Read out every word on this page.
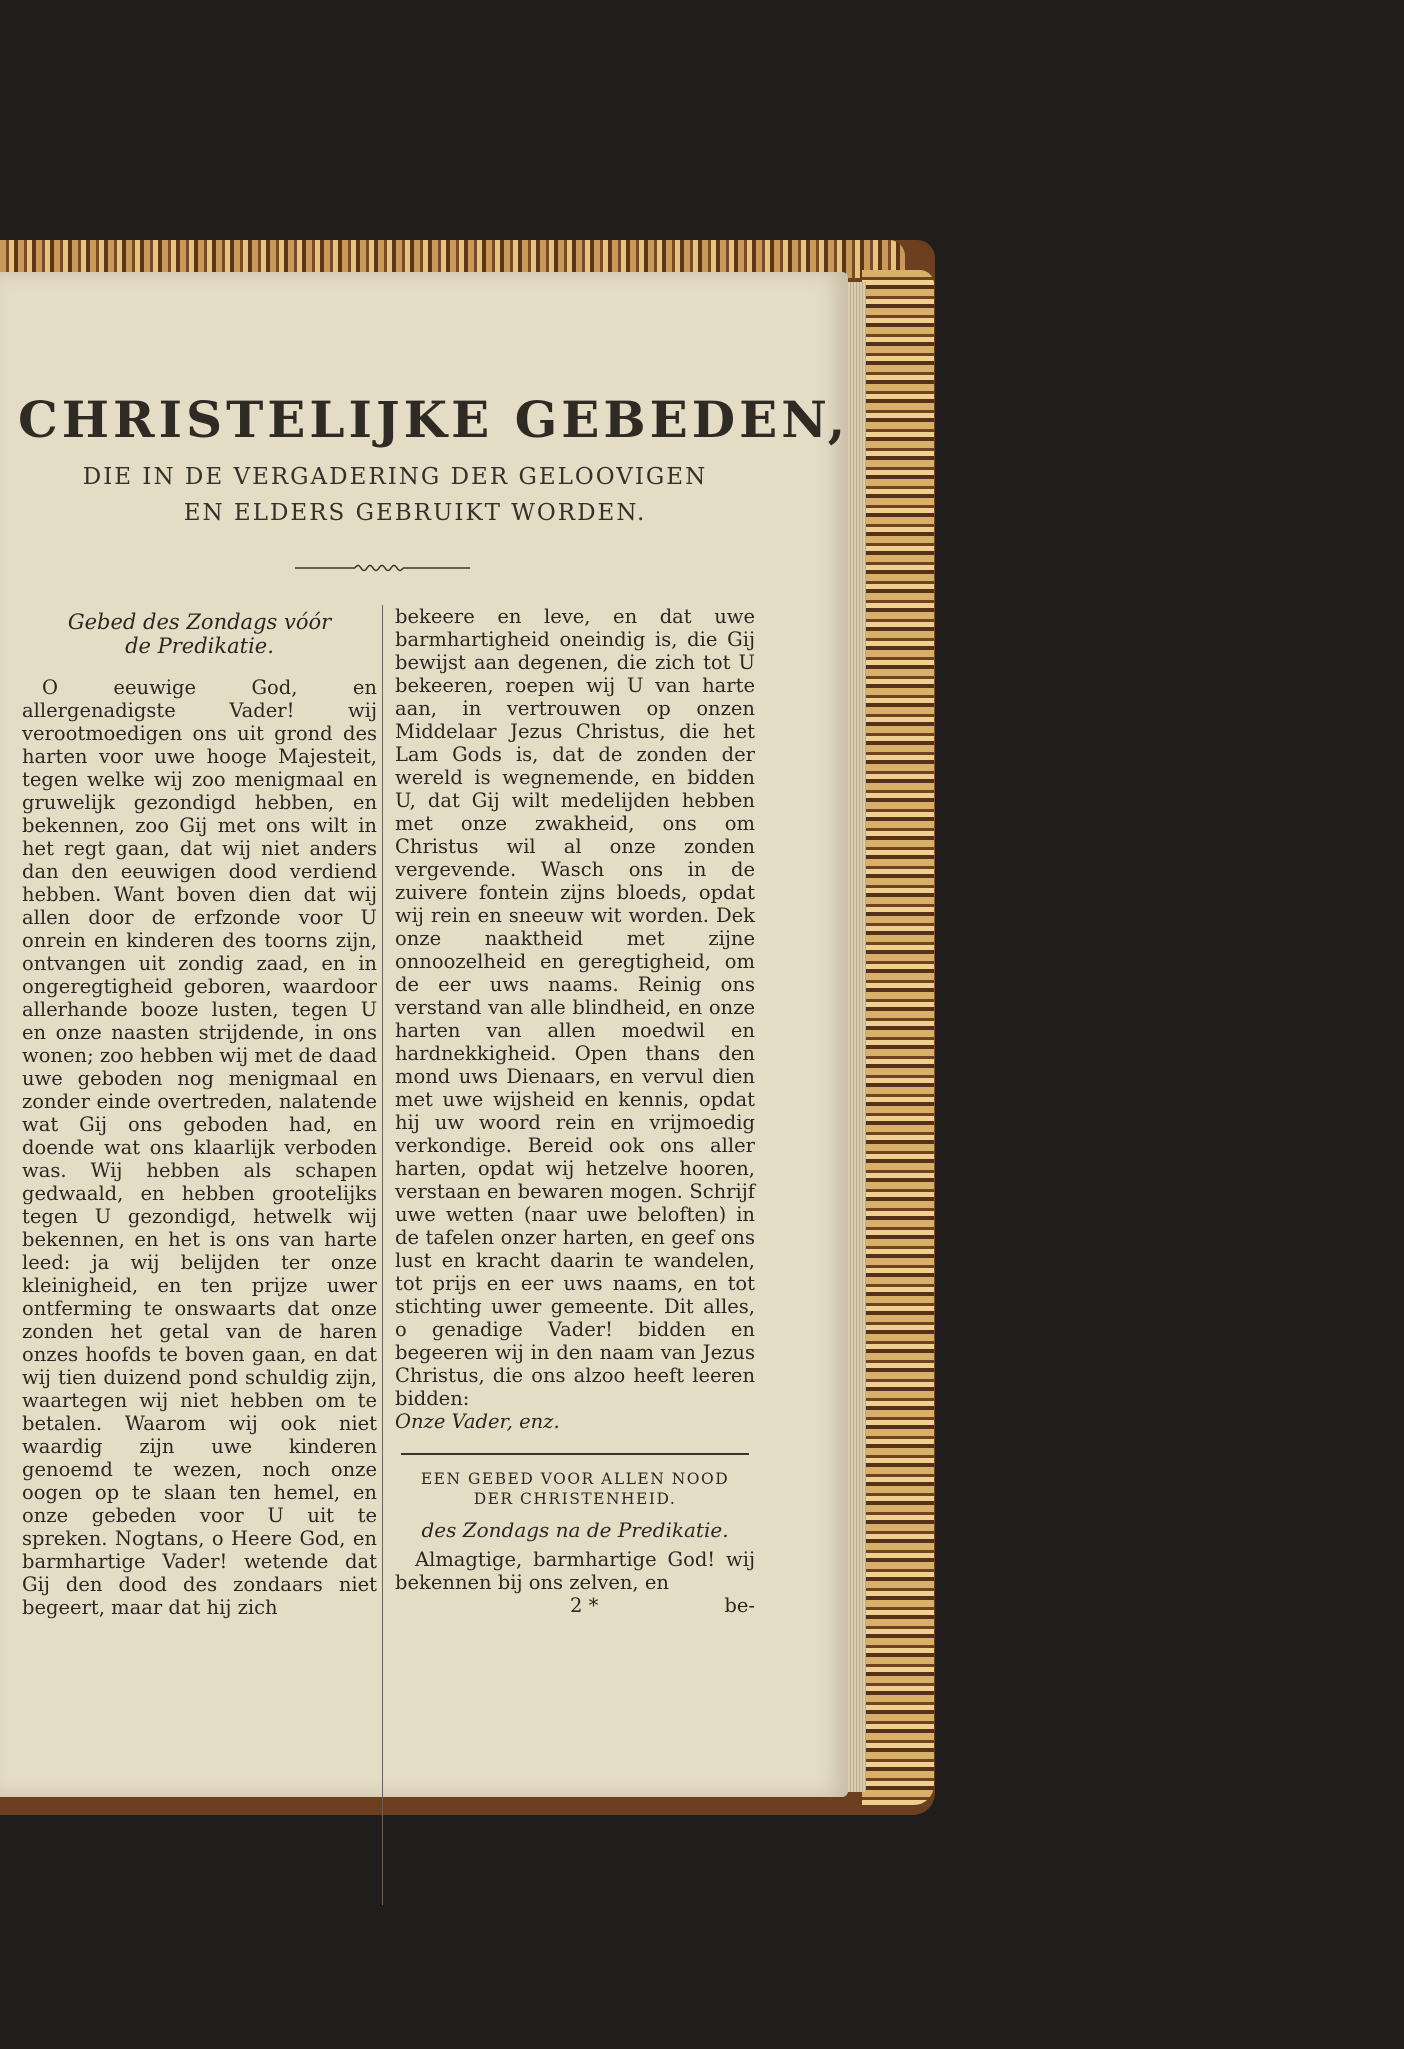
CHRISTELIJKE GEBEDEN,
DIE IN DE VERGADERING DER GELOOVIGEN
EN ELDERS GEBRUIKT WORDEN.
Gebed des Zondags vóór
de Predikatie.

O eeuwige God, en allergenadigste Vader! wij verootmoedigen ons uit grond des harten voor uwe hooge Majesteit, tegen welke wij zoo menigmaal en gruwelijk gezondigd hebben, en bekennen, zoo Gij met ons wilt in het regt gaan, dat wij niet anders dan den eeuwigen dood verdiend hebben. Want boven dien dat wij allen door de erfzonde voor U onrein en kinderen des toorns zijn, ontvangen uit zondig zaad, en in ongeregtigheid geboren, waardoor allerhande booze lusten, tegen U en onze naasten strijdende, in ons wonen; zoo hebben wij met de daad uwe geboden nog menigmaal en zonder einde overtreden, nalatende wat Gij ons geboden had, en doende wat ons klaarlijk verboden was. Wij hebben als schapen gedwaald, en hebben grootelijks tegen U gezondigd, hetwelk wij bekennen, en het is ons van harte leed: ja wij belijden ter onze kleinigheid, en ten prijze uwer ontferming te onswaarts dat onze zonden het getal van de haren onzes hoofds te boven gaan, en dat wij tien duizend pond schuldig zijn, waartegen wij niet hebben om te betalen. Waarom wij ook niet waardig zijn uwe kinderen genoemd te wezen, noch onze oogen op te slaan ten hemel, en onze gebeden voor U uit te spreken. Nogtans, o Heere God, en barmhartige Vader! wetende dat Gij den dood des zondaars niet begeert, maar dat hij zich

bekeere en leve, en dat uwe barmhartigheid oneindig is, die Gij bewijst aan degenen, die zich tot U bekeeren, roepen wij U van harte aan, in vertrouwen op onzen Middelaar Jezus Christus, die het Lam Gods is, dat de zonden der wereld is wegnemende, en bidden U, dat Gij wilt medelijden hebben met onze zwakheid, ons om Christus wil al onze zonden vergevende. Wasch ons in de zuivere fontein zijns bloeds, opdat wij rein en sneeuw wit worden. Dek onze naaktheid met zijne onnoozelheid en geregtigheid, om de eer uws naams. Reinig ons verstand van alle blindheid, en onze harten van allen moedwil en hardnekkigheid. Open thans den mond uws Dienaars, en vervul dien met uwe wijsheid en kennis, opdat hij uw woord rein en vrijmoedig verkondige. Bereid ook ons aller harten, opdat wij hetzelve hooren, verstaan en bewaren mogen. Schrijf uwe wetten (naar uwe beloften) in de tafelen onzer harten, en geef ons lust en kracht daarin te wandelen, tot prijs en eer uws naams, en tot stichting uwer gemeente. Dit alles, o genadige Vader! bidden en begeeren wij in den naam van Jezus Christus, die ons alzoo heeft leeren bidden:

Onze Vader, enz.

EEN GEBED VOOR ALLEN NOOD
DER CHRISTENHEID.

des Zondags na de Predikatie.

Almagtige, barmhartige God! wij bekennen bij ons zelven, en

2 *	be-
